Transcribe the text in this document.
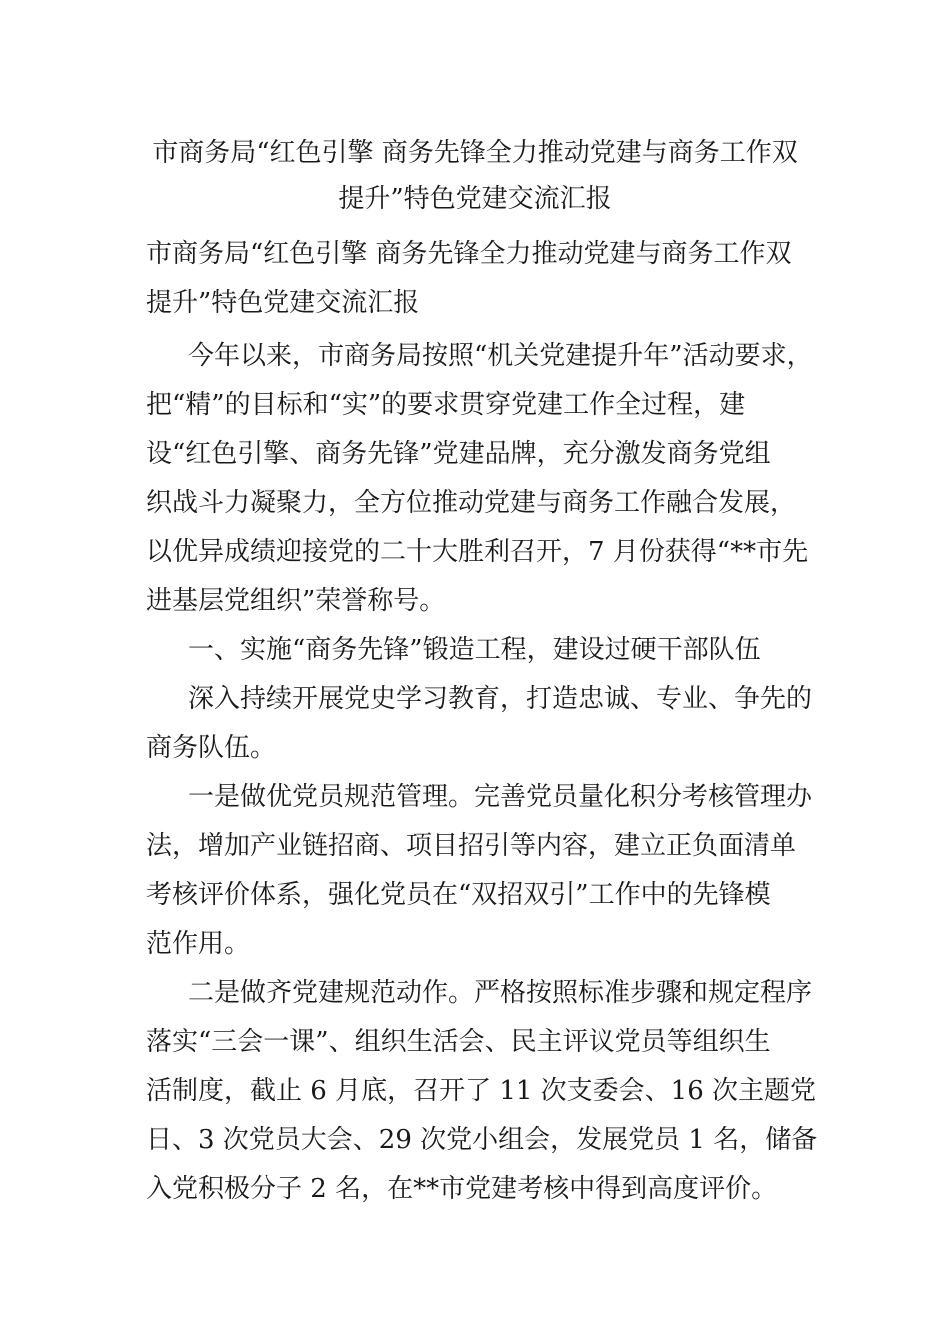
市商务局“红色引擎 商务先锋全力推动党建与商务工作双
提升”特色党建交流汇报
市商务局“红色引擎 商务先锋全力推动党建与商务工作双
提升”特色党建交流汇报
今年以来，市商务局按照“机关党建提升年”活动要求，
把“精”的目标和“实”的要求贯穿党建工作全过程，建
设“红色引擎、商务先锋”党建品牌，充分激发商务党组
织战斗力凝聚力，全方位推动党建与商务工作融合发展，
以优异成绩迎接党的二十大胜利召开，7 月份获得“**市先
进基层党组织”荣誉称号。
一、实施“商务先锋”锻造工程，建设过硬干部队伍
深入持续开展党史学习教育，打造忠诚、专业、争先的
商务队伍。
一是做优党员规范管理。完善党员量化积分考核管理办
法，增加产业链招商、项目招引等内容，建立正负面清单
考核评价体系，强化党员在“双招双引”工作中的先锋模
范作用。
二是做齐党建规范动作。严格按照标准步骤和规定程序
落实“三会一课”、组织生活会、民主评议党员等组织生
活制度，截止 6 月底，召开了 11 次支委会、16 次主题党
日、3 次党员大会、29 次党小组会，发展党员 1 名，储备
入党积极分子 2 名，在**市党建考核中得到高度评价。
